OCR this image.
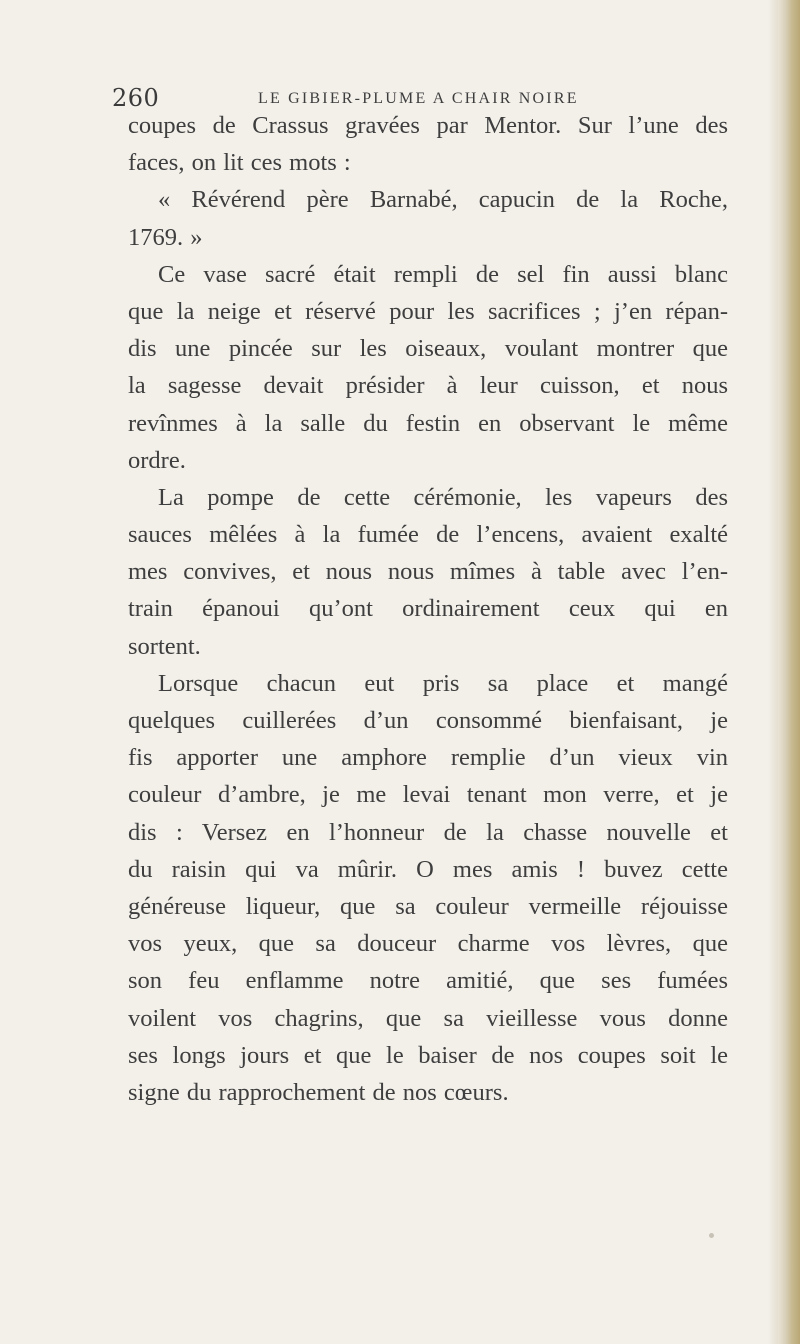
260	LE GIBIER-PLUME A CHAIR NOIRE
coupes de Crassus gravées par Mentor. Sur l’une des
faces, on lit ces mots :
« Révérend père Barnabé, capucin de la Roche,
1769. »
Ce vase sacré était rempli de sel fin aussi blanc
que la neige et réservé pour les sacrifices ; j’en répan-
dis une pincée sur les oiseaux, voulant montrer que
la sagesse devait présider à leur cuisson, et nous
revînmes à la salle du festin en observant le même
ordre.
La pompe de cette cérémonie, les vapeurs des
sauces mêlées à la fumée de l’encens, avaient exalté
mes convives, et nous nous mîmes à table avec l’en-
train épanoui qu’ont ordinairement ceux qui en
sortent.
Lorsque chacun eut pris sa place et mangé
quelques cuillerées d’un consommé bienfaisant, je
fis apporter une amphore remplie d’un vieux vin
couleur d’ambre, je me levai tenant mon verre, et je
dis : Versez en l’honneur de la chasse nouvelle et
du raisin qui va mûrir. O mes amis ! buvez cette
généreuse liqueur, que sa couleur vermeille réjouisse
vos yeux, que sa douceur charme vos lèvres, que
son feu enflamme notre amitié, que ses fumées
voilent vos chagrins, que sa vieillesse vous donne
ses longs jours et que le baiser de nos coupes soit le
signe du rapprochement de nos cœurs.
